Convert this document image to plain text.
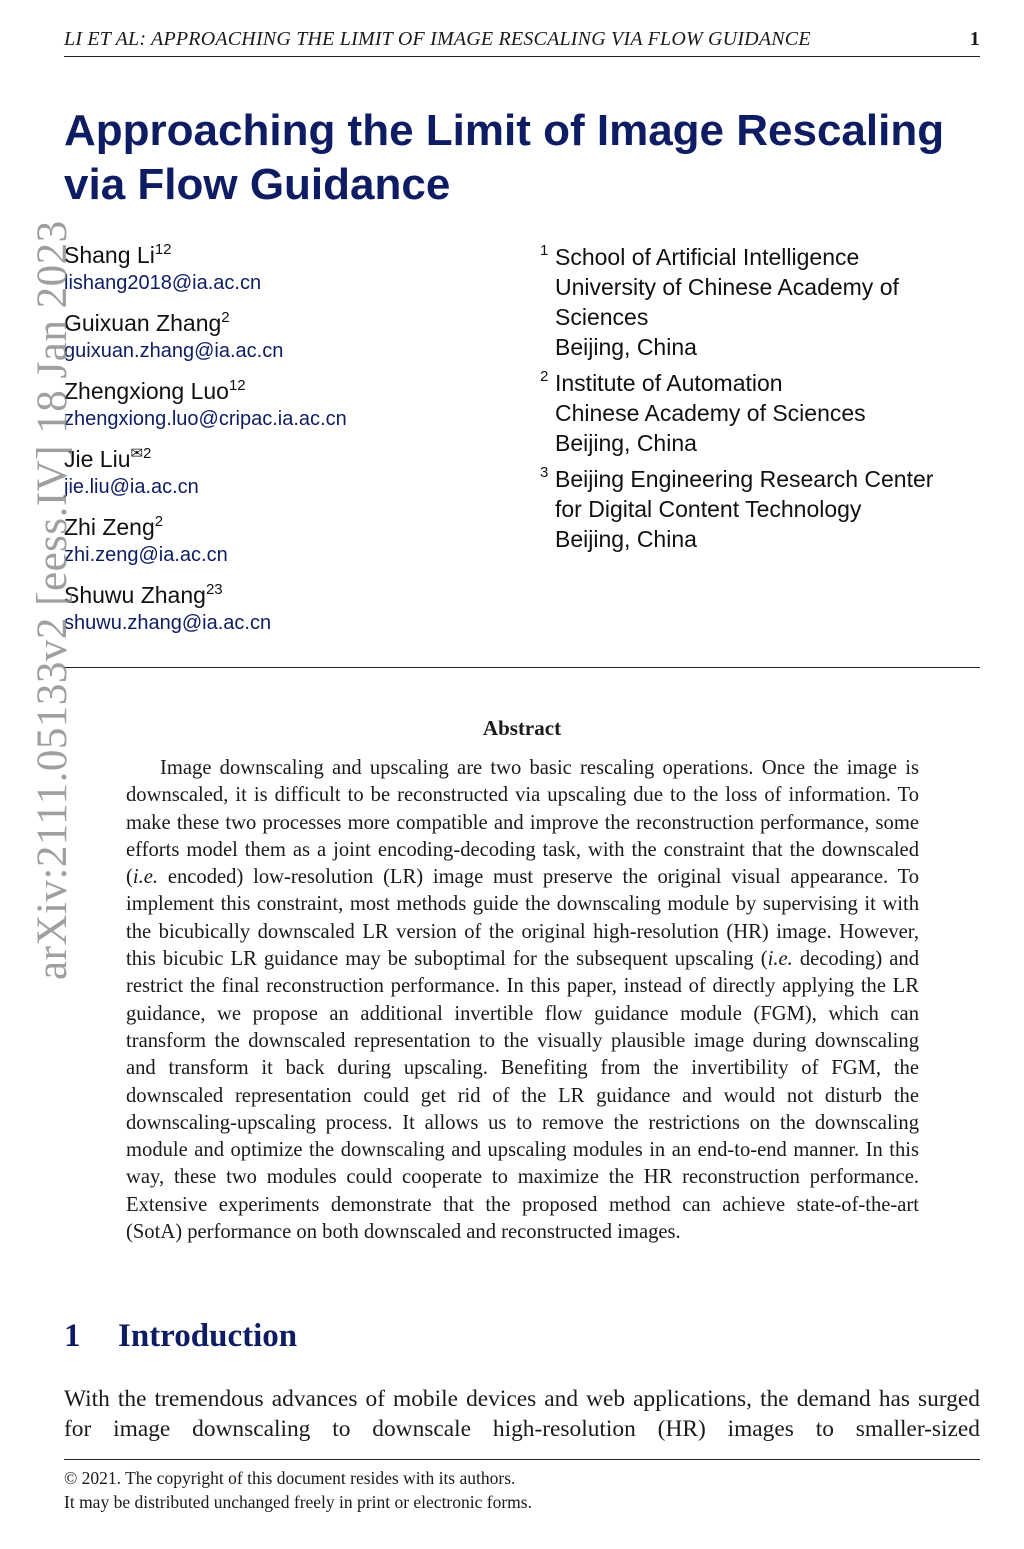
LI ET AL: APPROACHING THE LIMIT OF IMAGE RESCALING VIA FLOW GUIDANCE	1
arXiv:2111.05133v2 [eess.IV] 18 Jan 2023
Approaching the Limit of Image Rescaling
via Flow Guidance
Shang Li$^{12}$
lishang2018@ia.ac.cn
Guixuan Zhang$^2$
guixuan.zhang@ia.ac.cn
Zhengxiong Luo$^{12}$
zhengxiong.luo@cripac.ia.ac.cn
Jie Liu$^{✉2}$
jie.liu@ia.ac.cn
Zhi Zeng$^2$
zhi.zeng@ia.ac.cn
Shuwu Zhang$^{23}$
shuwu.zhang@ia.ac.cn
1 School of Artificial Intelligence
University of Chinese Academy of
Sciences
Beijing, China
2 Institute of Automation
Chinese Academy of Sciences
Beijing, China
3 Beijing Engineering Research Center
for Digital Content Technology
Beijing, China
Abstract

Image downscaling and upscaling are two basic rescaling operations. Once the image is downscaled, it is difficult to be reconstructed via upscaling due to the loss of information. To make these two processes more compatible and improve the reconstruction performance, some efforts model them as a joint encoding-decoding task, with the constraint that the downscaled (i.e. encoded) low-resolution (LR) image must preserve the original visual appearance. To implement this constraint, most methods guide the downscaling module by supervising it with the bicubically downscaled LR version of the original high-resolution (HR) image. However, this bicubic LR guidance may be suboptimal for the subsequent upscaling (i.e. decoding) and restrict the final reconstruction performance. In this paper, instead of directly applying the LR guidance, we propose an additional invertible flow guidance module (FGM), which can transform the downscaled representation to the visually plausible image during downscaling and transform it back during upscaling. Benefiting from the invertibility of FGM, the downscaled representation could get rid of the LR guidance and would not disturb the downscaling-upscaling process. It allows us to remove the restrictions on the downscaling module and optimize the downscaling and upscaling modules in an end-to-end manner. In this way, these two modules could cooperate to maximize the HR reconstruction performance. Extensive experiments demonstrate that the proposed method can achieve state-of-the-art (SotA) performance on both downscaled and reconstructed images.

1 Introduction

With the tremendous advances of mobile devices and web applications, the demand has surged for image downscaling to downscale high-resolution (HR) images to smaller-sized

© 2021. The copyright of this document resides with its authors.
It may be distributed unchanged freely in print or electronic forms.
